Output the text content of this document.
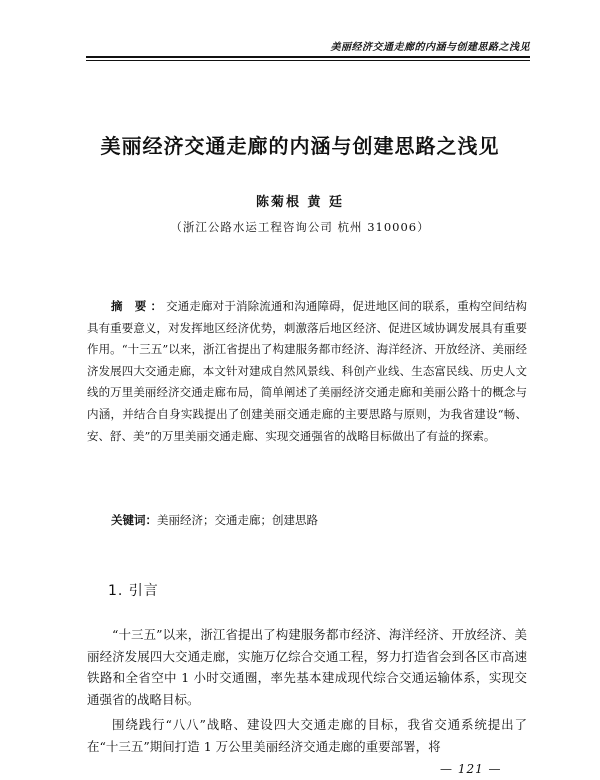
美丽经济交通走廊的内涵与创建思路之浅见
美丽经济交通走廊的内涵与创建思路之浅见
陈菊根 黄 廷
（浙江公路水运工程咨询公司 杭州 310006）
摘 要：交通走廊对于消除流通和沟通障碍，促进地区间的联系，重构空间结构具有重要意义，对发挥地区经济优势，刺激落后地区经济、促进区域协调发展具有重要作用。“十三五”以来，浙江省提出了构建服务都市经济、海洋经济、开放经济、美丽经济发展四大交通走廊，本文针对建成自然风景线、科创产业线、生态富民线、历史人文线的万里美丽经济交通走廊布局，简单阐述了美丽经济交通走廊和美丽公路十的概念与内涵，并结合自身实践提出了创建美丽交通走廊的主要思路与原则，为我省建设“畅、安、舒、美”的万里美丽交通走廊、实现交通强省的战略目标做出了有益的探索。
关键词：美丽经济；交通走廊；创建思路
1. 引言

“十三五”以来，浙江省提出了构建服务都市经济、海洋经济、开放经济、美丽经济发展四大交通走廊，实施万亿综合交通工程，努力打造省会到各区市高速铁路和全省空中 1 小时交通圈，率先基本建成现代综合交通运输体系，实现交通强省的战略目标。

围绕践行“八八”战略、建设四大交通走廊的目标，我省交通系统提出了在“十三五”期间打造 1 万公里美丽经济交通走廊的重要部署，将

— 121 —
